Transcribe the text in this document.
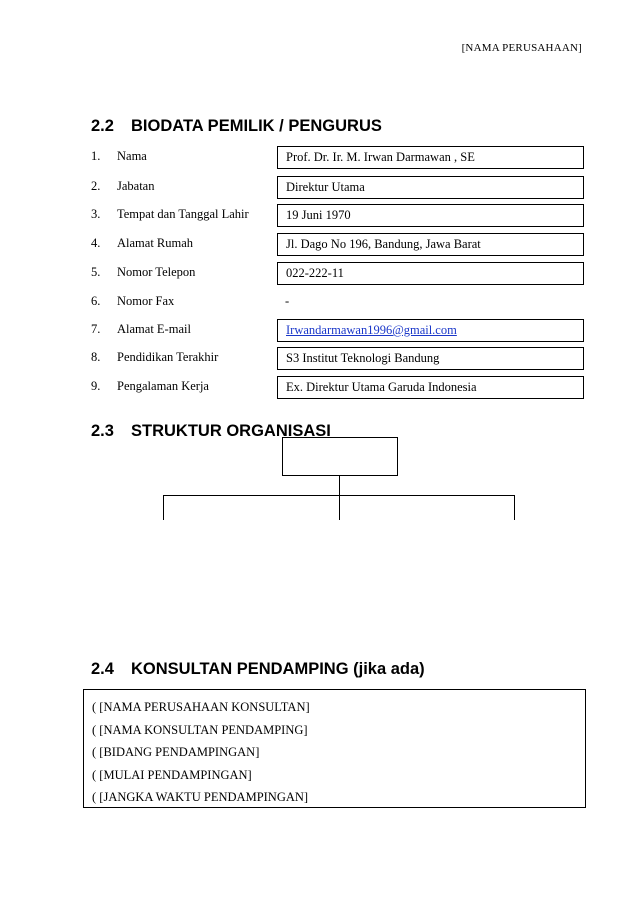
[NAMA PERUSAHAAN]
2.2 BIODATA PEMILIK / PENGURUS
1. Nama	Prof. Dr. Ir. M. Irwan Darmawan , SE
2. Jabatan	Direktur Utama
3. Tempat dan Tanggal Lahir	19 Juni 1970
4. Alamat Rumah	Jl. Dago No 196, Bandung, Jawa Barat
5. Nomor Telepon	022-222-11
6. Nomor Fax	-
7. Alamat E-mail	Irwandarmawan1996@gmail.com
8. Pendidikan Terakhir	S3 Institut Teknologi Bandung
9. Pengalaman Kerja	Ex. Direktur Utama Garuda Indonesia
2.3 STRUKTUR ORGANISASI
2.4 KONSULTAN PENDAMPING (jika ada)
( [NAMA PERUSAHAAN KONSULTAN]
( [NAMA KONSULTAN PENDAMPING]
( [BIDANG PENDAMPINGAN]
( [MULAI PENDAMPINGAN]
( [JANGKA WAKTU PENDAMPINGAN]
